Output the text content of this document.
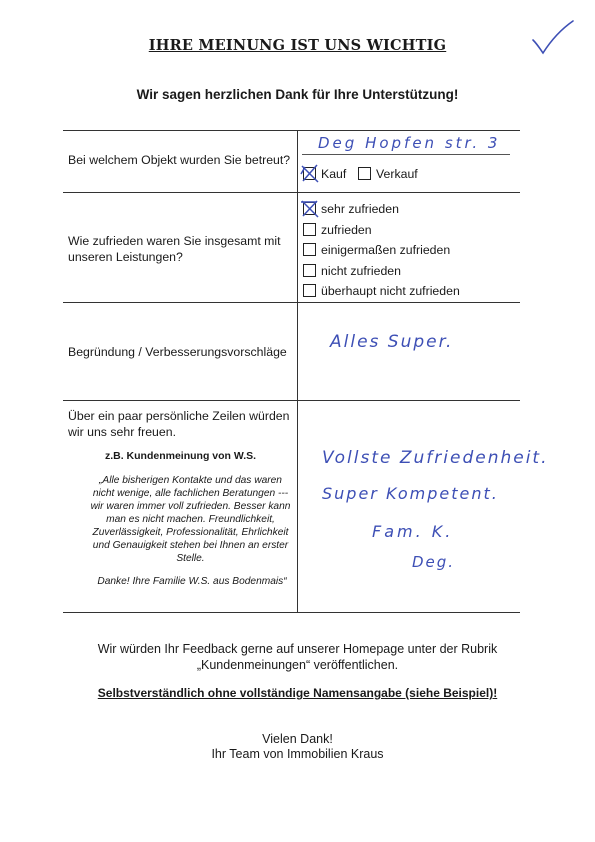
IHRE MEINUNG IST UNS WICHTIG
Wir sagen herzlichen Dank für Ihre Unterstützung!
Bei welchem Objekt wurden Sie betreut?
Deg Hopfen str. 3
Kauf	Verkauf
Wie zufrieden waren Sie insgesamt mit unseren Leistungen?
sehr zufrieden
zufrieden
einigermaßen zufrieden
nicht zufrieden
überhaupt nicht zufrieden
Begründung / Verbesserungsvorschläge	Alles Super.
Über ein paar persönliche Zeilen würden wir uns sehr freuen.
z.B. Kundenmeinung von W.S.
„Alle bisherigen Kontakte und das waren nicht wenige, alle fachlichen Beratungen --- wir waren immer voll zufrieden. Besser kann man es nicht machen. Freundlichkeit, Zuverlässigkeit, Professionalität, Ehrlichkeit und Genauigkeit stehen bei Ihnen an erster Stelle.
Danke! Ihre Familie W.S. aus Bodenmais“
Vollste Zufriedenheit.
Super Kompetent.
Fam. K.
Deg.
Wir würden Ihr Feedback gerne auf unserer Homepage unter der Rubrik
„Kundenmeinungen“ veröffentlichen.
Selbstverständlich ohne vollständige Namensangabe (siehe Beispiel)!
Vielen Dank!
Ihr Team von Immobilien Kraus
